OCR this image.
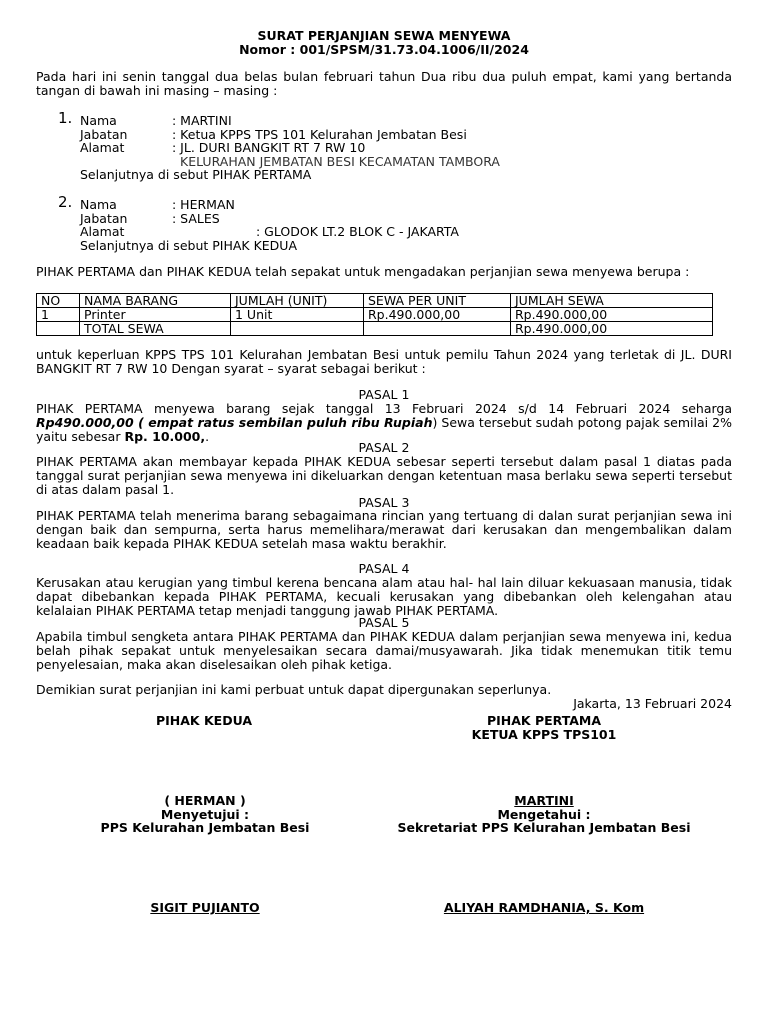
SURAT PERJANJIAN SEWA MENYEWA
Nomor : 001/SPSM/31.73.04.1006/II/2024
Pada hari ini senin tanggal dua belas bulan februari tahun Dua ribu dua puluh empat, kami yang bertanda tangan di bawah ini masing – masing :
1. Nama	: MARTINI
Jabatan	: Ketua KPPS TPS 101 Kelurahan Jembatan Besi
Alamat	: JL. DURI BANGKIT RT 7 RW 10
KELURAHAN JEMBATAN BESI KECAMATAN TAMBORA
Selanjutnya di sebut PIHAK PERTAMA
2. Nama	: HERMAN
Jabatan	: SALES
Alamat	: GLODOK LT.2 BLOK C - JAKARTA
Selanjutnya di sebut PIHAK KEDUA
PIHAK PERTAMA dan PIHAK KEDUA telah sepakat untuk mengadakan perjanjian sewa menyewa berupa :
NO	NAMA BARANG	JUMLAH (UNIT)	SEWA PER UNIT	JUMLAH SEWA
1	Printer	1 Unit	Rp.490.000,00	Rp.490.000,00
	TOTAL SEWA			Rp.490.000,00
untuk keperluan KPPS TPS 101 Kelurahan Jembatan Besi untuk pemilu Tahun 2024 yang terletak di JL. DURI BANGKIT RT 7 RW 10 Dengan syarat – syarat sebagai berikut :
PASAL 1
PIHAK PERTAMA menyewa barang sejak tanggal 13 Februari 2024 s/d 14 Februari 2024 seharga Rp490.000,00 ( empat ratus sembilan puluh ribu Rupiah) Sewa tersebut sudah potong pajak semilai 2% yaitu sebesar Rp. 10.000,.
PASAL 2
PIHAK PERTAMA akan membayar kepada PIHAK KEDUA sebesar seperti tersebut dalam pasal 1 diatas pada tanggal surat perjanjian sewa menyewa ini dikeluarkan dengan ketentuan masa berlaku sewa seperti tersebut di atas dalam pasal 1.
PASAL 3
PIHAK PERTAMA telah menerima barang sebagaimana rincian yang tertuang di dalan surat perjanjian sewa ini dengan baik dan sempurna, serta harus memelihara/merawat dari kerusakan dan mengembalikan dalam keadaan baik kepada PIHAK KEDUA setelah masa waktu berakhir.
PASAL 4
Kerusakan atau kerugian yang timbul kerena bencana alam atau hal- hal lain diluar kekuasaan manusia, tidak dapat dibebankan kepada PIHAK PERTAMA, kecuali kerusakan yang dibebankan oleh kelengahan atau kelalaian PIHAK PERTAMA tetap menjadi tanggung jawab PIHAK PERTAMA.
PASAL 5
Apabila timbul sengketa antara PIHAK PERTAMA dan PIHAK KEDUA dalam perjanjian sewa menyewa ini, kedua belah pihak sepakat untuk menyelesaikan secara damai/musyawarah. Jika tidak menemukan titik temu penyelesaian, maka akan diselesaikan oleh pihak ketiga.
Demikian surat perjanjian ini kami perbuat untuk dapat dipergunakan seperlunya.
Jakarta, 13 Februari 2024
PIHAK KEDUA	PIHAK PERTAMA
KETUA KPPS TPS101
( HERMAN )
Menyetujui :
PPS Kelurahan Jembatan Besi
MARTINI
Mengetahui :
Sekretariat PPS Kelurahan Jembatan Besi
SIGIT PUJIANTO	ALIYAH RAMDHANIA, S. Kom
